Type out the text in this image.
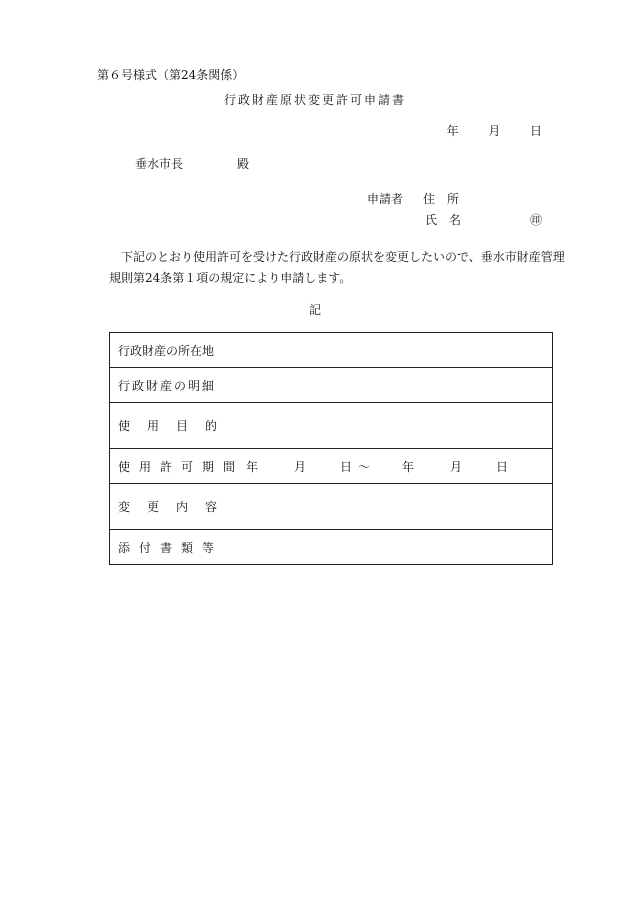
第６号様式（第24条関係）
行政財産原状変更許可申請書
年 月 日
垂水市長	殿
申請者 住　所
氏　名	㊞
下記のとおり使用許可を受けた行政財産の原状を変更したいので、垂水市財産管理規則第24条第１項の規定により申請します。
記
行政財産の所在地
行政財産の明細
使用目的

使用許可期間 年	月	日 ～	年	月	日

変更内容
添付書類等
